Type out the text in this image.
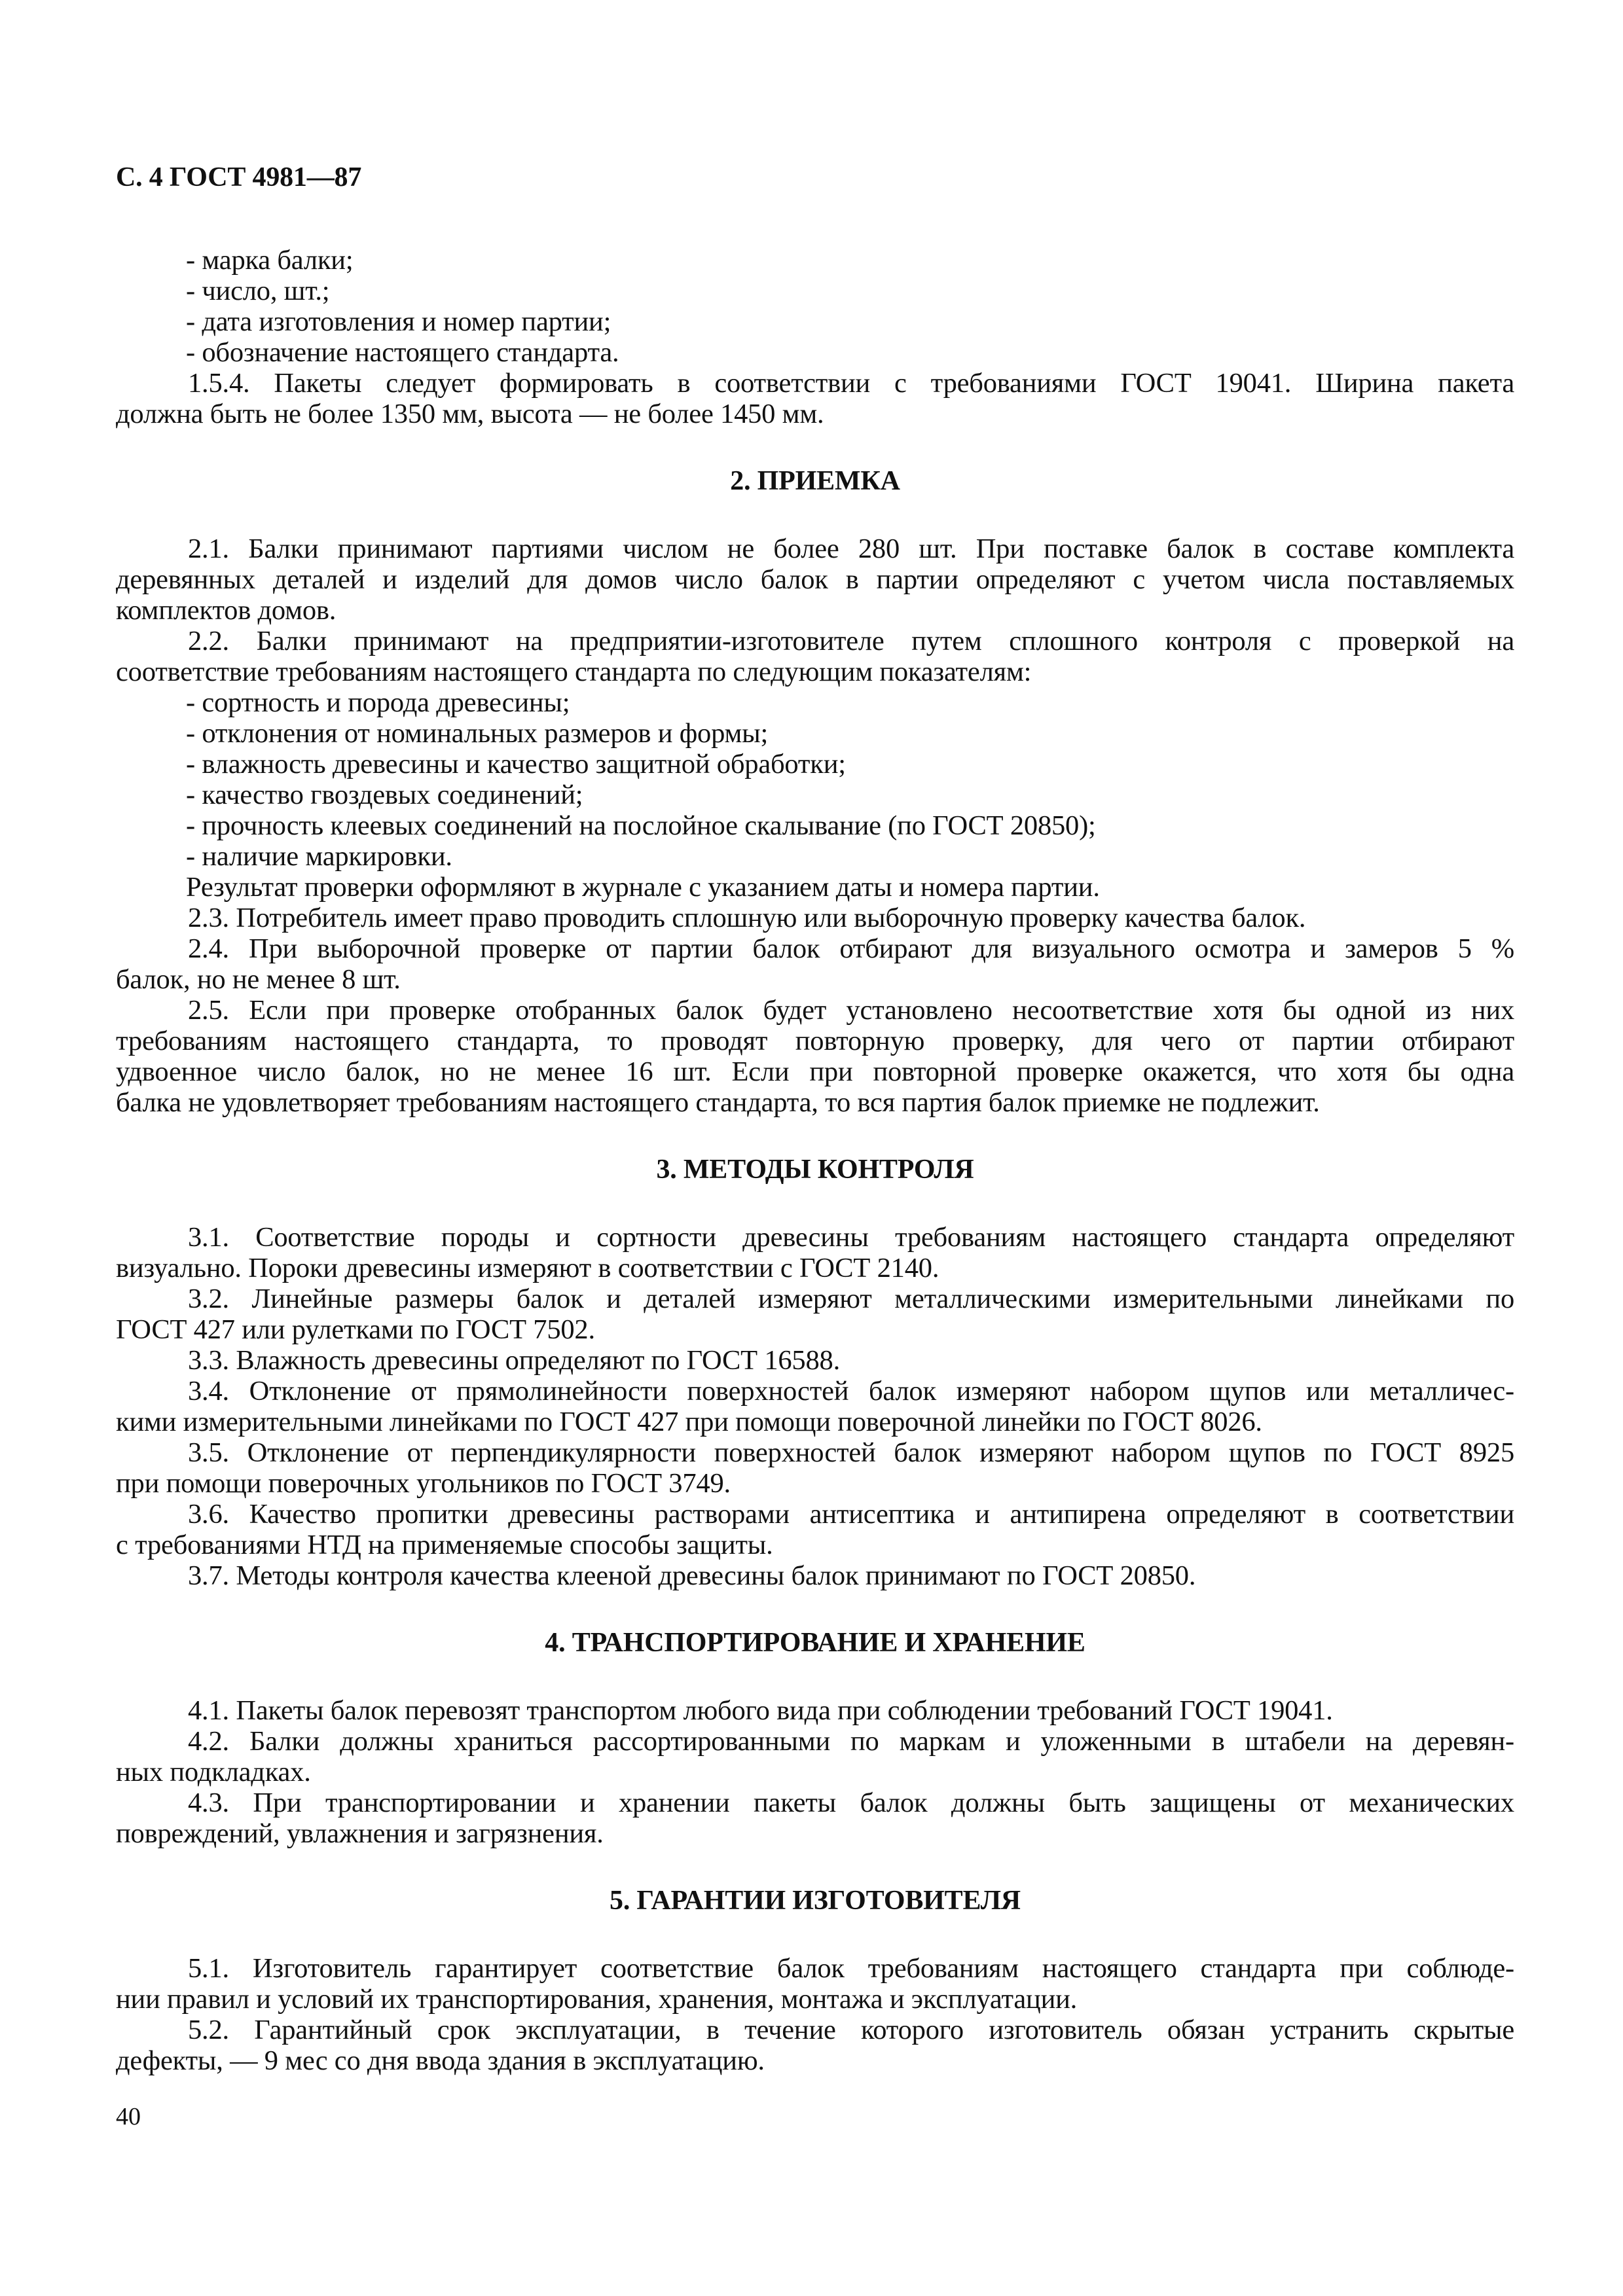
С. 4 ГОСТ 4981—87
- марка балки;
- число, шт.;
- дата изготовления и номер партии;
- обозначение настоящего стандарта.
1.5.4. Пакеты следует формировать в соответствии с требованиями ГОСТ 19041. Ширина пакета
должна быть не более 1350 мм, высота — не более 1450 мм.
2. ПРИЕМКА
2.1. Балки принимают партиями числом не более 280 шт. При поставке балок в составе комплекта
деревянных деталей и изделий для домов число балок в партии определяют с учетом числа поставляемых
комплектов домов.
2.2. Балки принимают на предприятии-изготовителе путем сплошного контроля с проверкой на
соответствие требованиям настоящего стандарта по следующим показателям:
- сортность и порода древесины;
- отклонения от номинальных размеров и формы;
- влажность древесины и качество защитной обработки;
- качество гвоздевых соединений;
- прочность клеевых соединений на послойное скалывание (по ГОСТ 20850);
- наличие маркировки.
Результат проверки оформляют в журнале с указанием даты и номера партии.
2.3. Потребитель имеет право проводить сплошную или выборочную проверку качества балок.
2.4. При выборочной проверке от партии балок отбирают для визуального осмотра и замеров 5 %
балок, но не менее 8 шт.
2.5. Если при проверке отобранных балок будет установлено несоответствие хотя бы одной из них
требованиям настоящего стандарта, то проводят повторную проверку, для чего от партии отбирают
удвоенное число балок, но не менее 16 шт. Если при повторной проверке окажется, что хотя бы одна
балка не удовлетворяет требованиям настоящего стандарта, то вся партия балок приемке не подлежит.
3. МЕТОДЫ КОНТРОЛЯ
3.1. Соответствие породы и сортности древесины требованиям настоящего стандарта определяют
визуально. Пороки древесины измеряют в соответствии с ГОСТ 2140.
3.2. Линейные размеры балок и деталей измеряют металлическими измерительными линейками по
ГОСТ 427 или рулетками по ГОСТ 7502.
3.3. Влажность древесины определяют по ГОСТ 16588.
3.4. Отклонение от прямолинейности поверхностей балок измеряют набором щупов или металличес-
кими измерительными линейками по ГОСТ 427 при помощи поверочной линейки по ГОСТ 8026.
3.5. Отклонение от перпендикулярности поверхностей балок измеряют набором щупов по ГОСТ 8925
при помощи поверочных угольников по ГОСТ 3749.
3.6. Качество пропитки древесины растворами антисептика и антипирена определяют в соответствии
с требованиями НТД на применяемые способы защиты.
3.7. Методы контроля качества клееной древесины балок принимают по ГОСТ 20850.
4. ТРАНСПОРТИРОВАНИЕ И ХРАНЕНИЕ
4.1. Пакеты балок перевозят транспортом любого вида при соблюдении требований ГОСТ 19041.
4.2. Балки должны храниться рассортированными по маркам и уложенными в штабели на деревян-
ных подкладках.
4.3. При транспортировании и хранении пакеты балок должны быть защищены от механических
повреждений, увлажнения и загрязнения.
5. ГАРАНТИИ ИЗГОТОВИТЕЛЯ
5.1. Изготовитель гарантирует соответствие балок требованиям настоящего стандарта при соблюде-
нии правил и условий их транспортирования, хранения, монтажа и эксплуатации.
5.2. Гарантийный срок эксплуатации, в течение которого изготовитель обязан устранить скрытые
дефекты, — 9 мес со дня ввода здания в эксплуатацию.
40
